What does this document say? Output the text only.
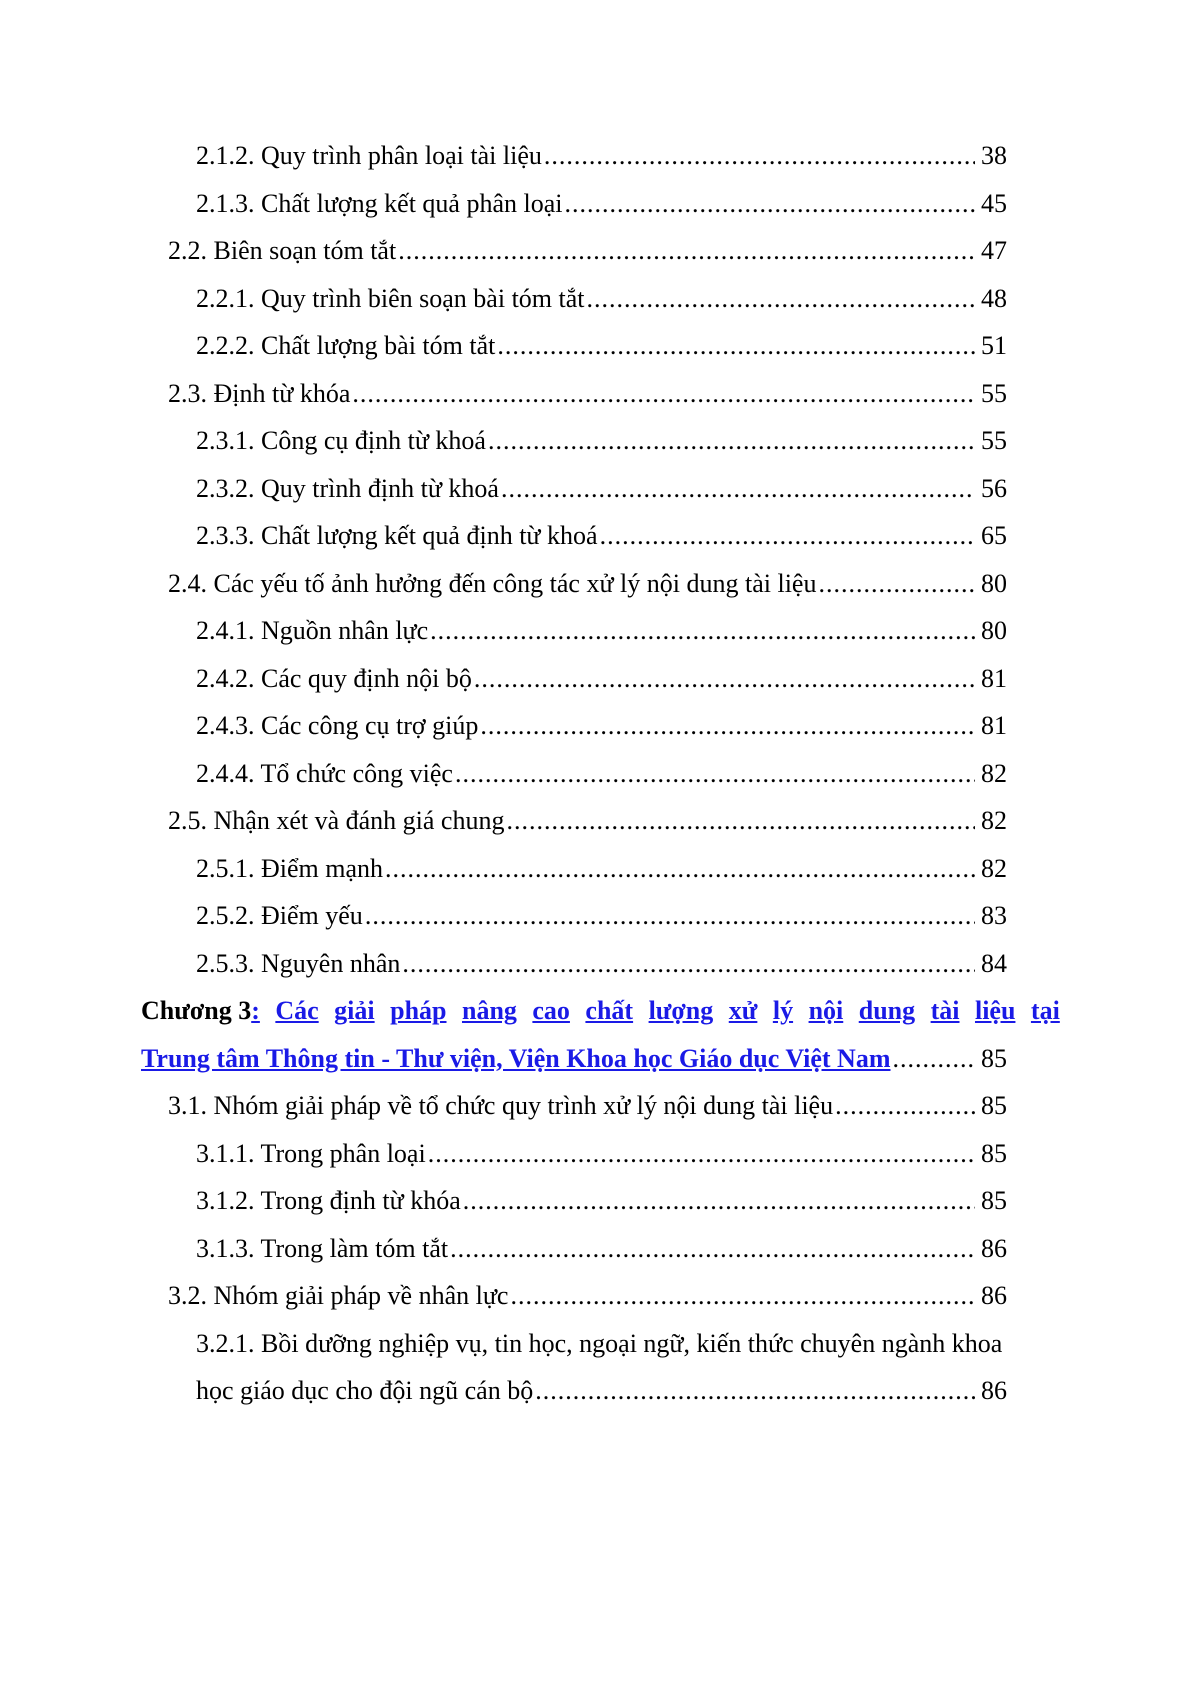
2.1.2. Quy trình phân loại tài liệu .....	38
2.1.3. Chất lượng kết quả phân loại .....	45
2.2. Biên soạn tóm tắt .....	47
2.2.1. Quy trình biên soạn bài tóm tắt .....	48
2.2.2. Chất lượng bài tóm tắt .....	51
2.3. Định từ khóa .....	55
2.3.1. Công cụ định từ khoá .....	55
2.3.2. Quy trình định từ khoá .....	56
2.3.3. Chất lượng kết quả định từ khoá .....	65
2.4. Các yếu tố ảnh hưởng đến công tác xử lý nội dung tài liệu .....	80
2.4.1. Nguồn nhân lực .....	80
2.4.2. Các quy định nội bộ .....	81
2.4.3. Các công cụ trợ giúp .....	81
2.4.4. Tổ chức công việc .....	82
2.5. Nhận xét và đánh giá chung .....	82
2.5.1. Điểm mạnh .....	82
2.5.2. Điểm yếu .....	83
2.5.3. Nguyên nhân .....	84
Chương 3: Các giải pháp nâng cao chất lượng xử lý nội dung tài liệu tại
Trung tâm Thông tin - Thư viện, Viện Khoa học Giáo dục Việt Nam .....	85
3.1. Nhóm giải pháp về tổ chức quy trình xử lý nội dung tài liệu .....	85
3.1.1. Trong phân loại .....	85
3.1.2. Trong định từ khóa .....	85
3.1.3. Trong làm tóm tắt .....	86
3.2. Nhóm giải pháp về nhân lực .....	86
3.2.1. Bồi dưỡng nghiệp vụ, tin học, ngoại ngữ, kiến thức chuyên ngành khoa
học giáo dục cho đội ngũ cán bộ .....	86
